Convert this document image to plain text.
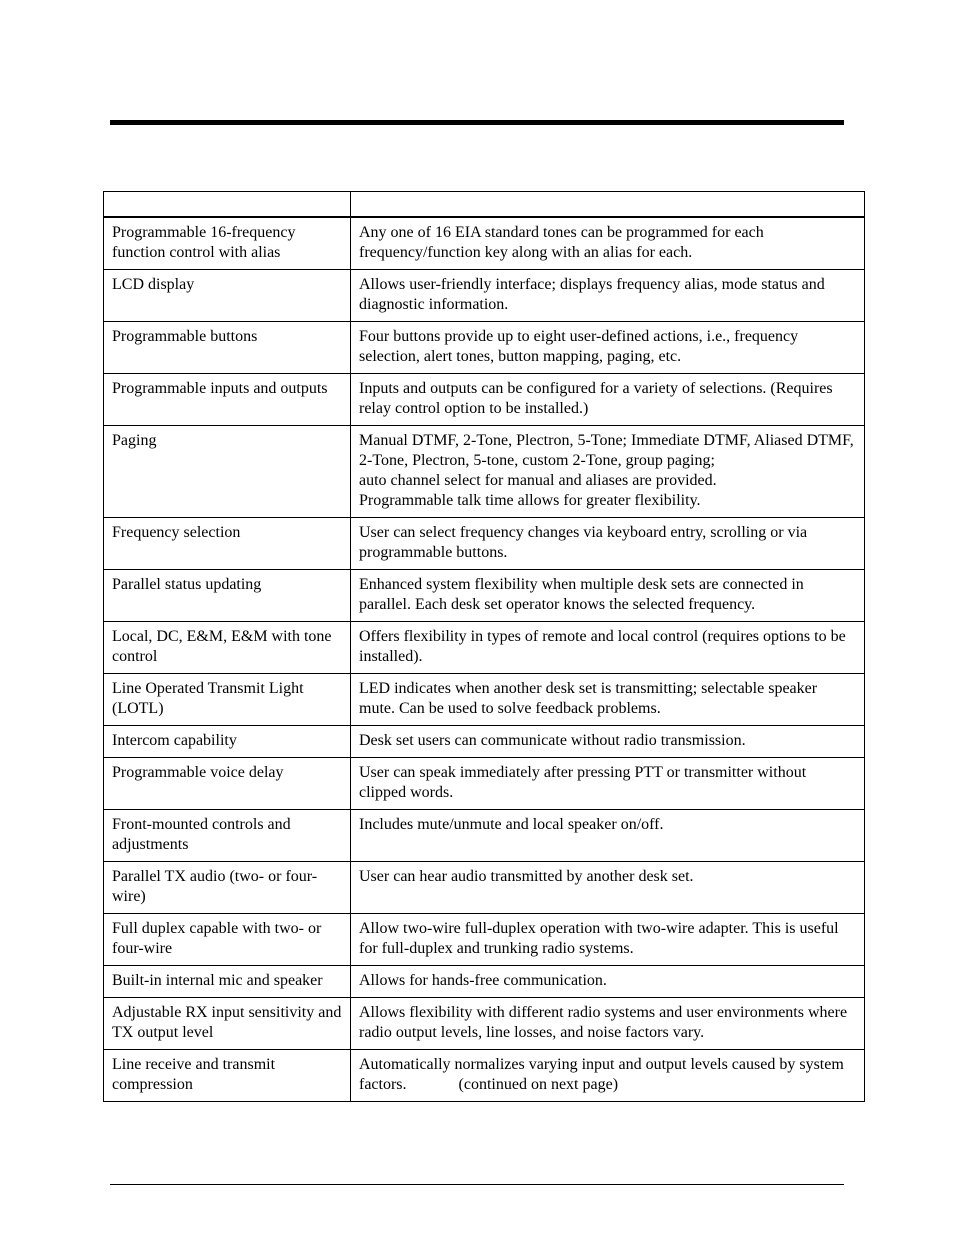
Programmable 16-frequency function control with alias	Any one of 16 EIA standard tones can be programmed for each frequency/function key along with an alias for each.
LCD display	Allows user-friendly interface; displays frequency alias, mode status and diagnostic information.
Programmable buttons	Four buttons provide up to eight user-defined actions, i.e., frequency selection, alert tones, button mapping, paging, etc.
Programmable inputs and outputs	Inputs and outputs can be configured for a variety of selections. (Requires relay control option to be installed.)
Paging	Manual DTMF, 2-Tone, Plectron, 5-Tone; Immediate DTMF, Aliased DTMF, 2-Tone, Plectron, 5-tone, custom 2-Tone, group paging;
auto channel select for manual and aliases are provided.
Programmable talk time allows for greater flexibility.

Frequency selection	User can select frequency changes via keyboard entry, scrolling or via programmable buttons.
Parallel status updating	Enhanced system flexibility when multiple desk sets are connected in parallel. Each desk set operator knows the selected frequency.
Local, DC, E&M, E&M with tone control	Offers flexibility in types of remote and local control (requires options to be installed).
Line Operated Transmit Light (LOTL)	LED indicates when another desk set is transmitting; selectable speaker mute. Can be used to solve feedback problems.
Intercom capability	Desk set users can communicate without radio transmission.
Programmable voice delay	User can speak immediately after pressing PTT or transmitter without clipped words.
Front-mounted controls and adjustments	Includes mute/unmute and local speaker on/off.
Parallel TX audio (two- or four-wire)	User can hear audio transmitted by another desk set.
Full duplex capable with two- or four-wire	Allow two-wire full-duplex operation with two-wire adapter. This is useful for full-duplex and trunking radio systems.
Built-in internal mic and speaker	Allows for hands-free communication.
Adjustable RX input sensitivity and TX output level	Allows flexibility with different radio systems and user environments where radio output levels, line losses, and noise factors vary.
Line receive and transmit compression	Automatically normalizes varying input and output levels caused by system factors. (continued on next page)
